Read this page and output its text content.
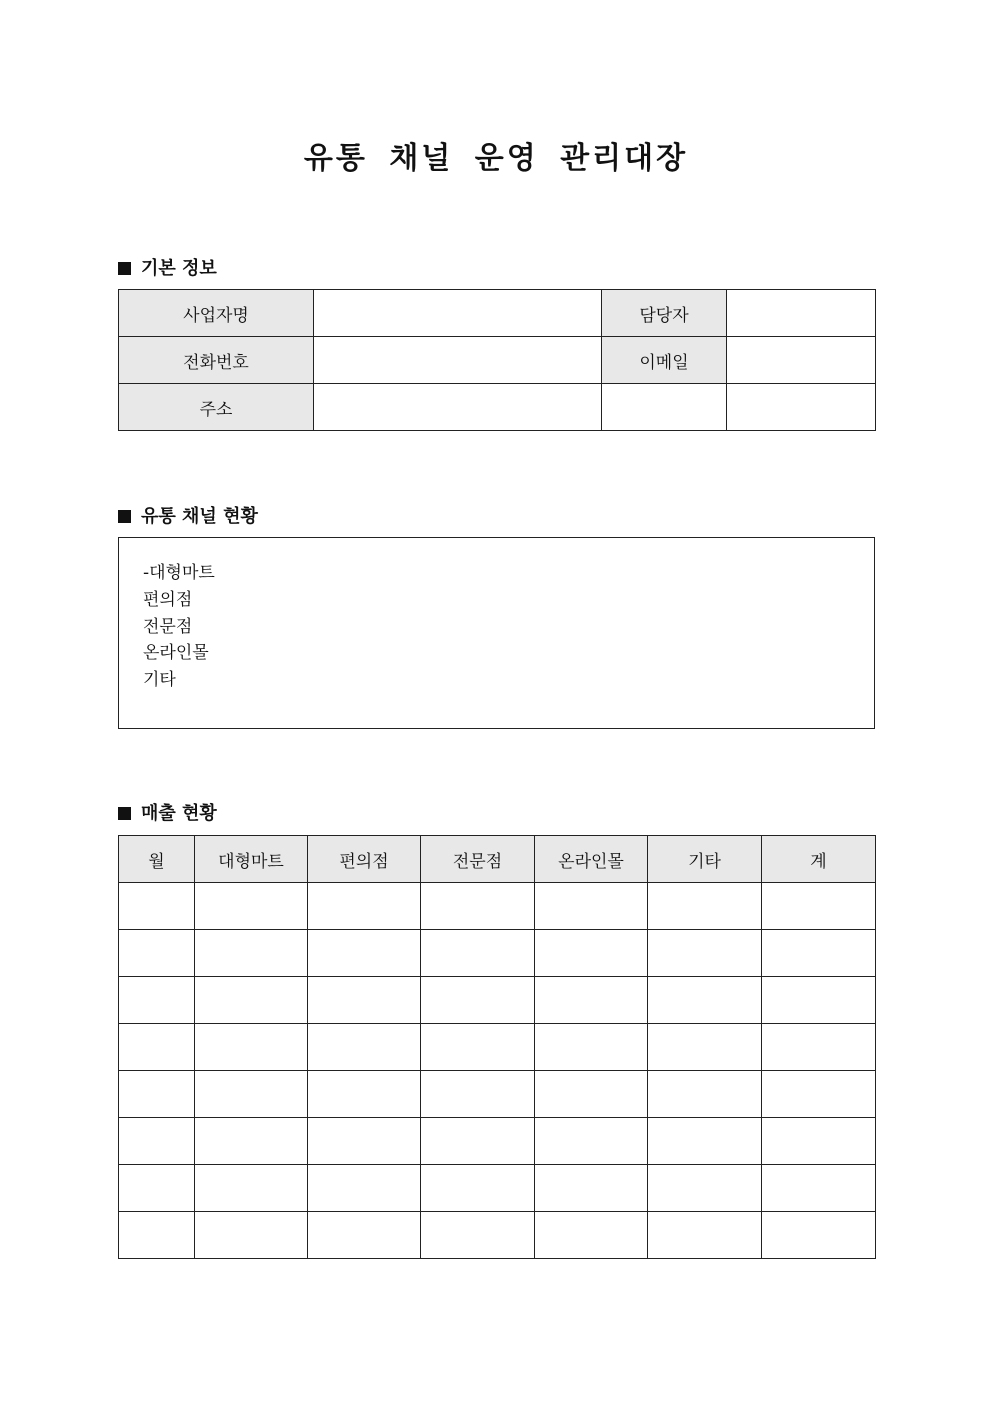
유통 채널 운영 관리대장
기본 정보
사업자명		담당자	
전화번호		이메일	
주소			
유통 채널 현황
-대형마트
편의점
전문점
온라인몰
기타
매출 현황
월	대형마트	편의점	전문점	온라인몰	기타	계
